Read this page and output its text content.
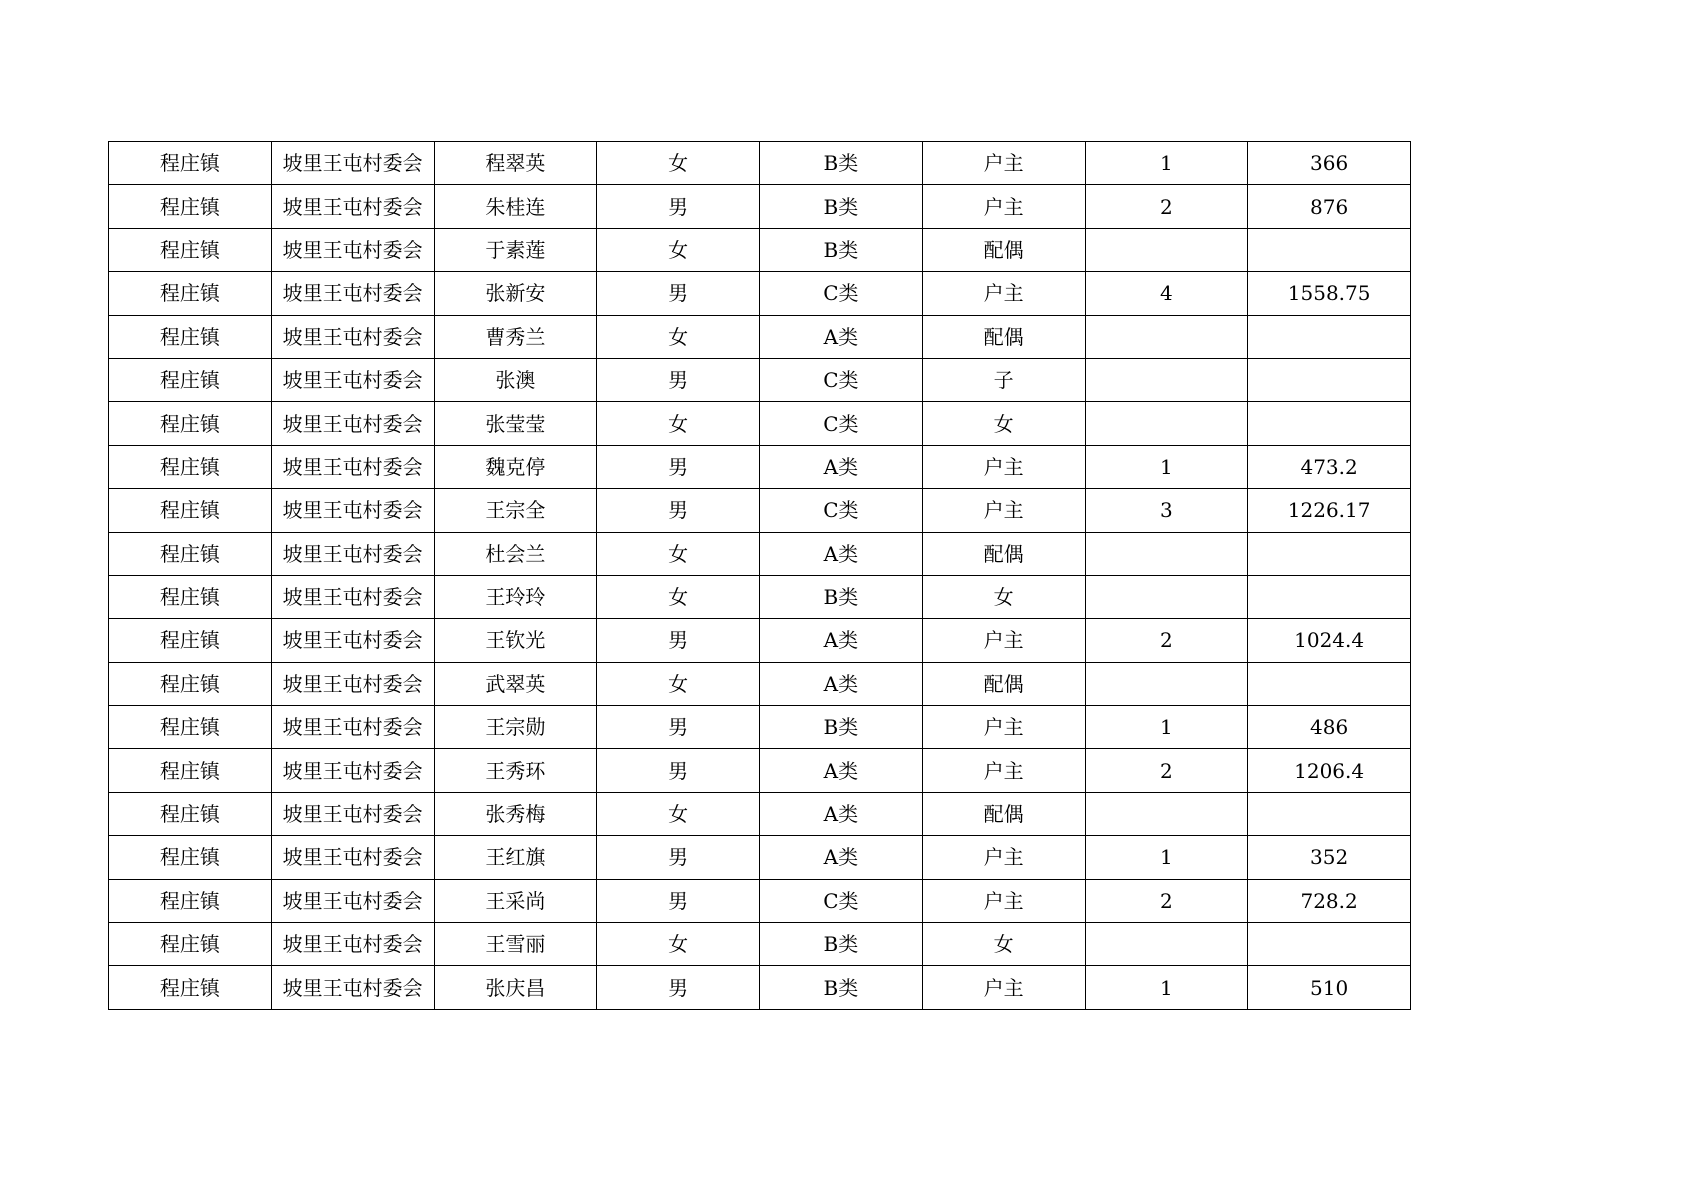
程庄镇	坡里王屯村委会	程翠英	女	B类	户主	1	366
程庄镇	坡里王屯村委会	朱桂连	男	B类	户主	2	876
程庄镇	坡里王屯村委会	于素莲	女	B类	配偶		
程庄镇	坡里王屯村委会	张新安	男	C类	户主	4	1558.75
程庄镇	坡里王屯村委会	曹秀兰	女	A类	配偶		
程庄镇	坡里王屯村委会	张澳	男	C类	子		
程庄镇	坡里王屯村委会	张莹莹	女	C类	女		
程庄镇	坡里王屯村委会	魏克停	男	A类	户主	1	473.2
程庄镇	坡里王屯村委会	王宗全	男	C类	户主	3	1226.17
程庄镇	坡里王屯村委会	杜会兰	女	A类	配偶		
程庄镇	坡里王屯村委会	王玲玲	女	B类	女		
程庄镇	坡里王屯村委会	王钦光	男	A类	户主	2	1024.4
程庄镇	坡里王屯村委会	武翠英	女	A类	配偶		
程庄镇	坡里王屯村委会	王宗勋	男	B类	户主	1	486
程庄镇	坡里王屯村委会	王秀环	男	A类	户主	2	1206.4
程庄镇	坡里王屯村委会	张秀梅	女	A类	配偶		
程庄镇	坡里王屯村委会	王红旗	男	A类	户主	1	352
程庄镇	坡里王屯村委会	王采尚	男	C类	户主	2	728.2
程庄镇	坡里王屯村委会	王雪丽	女	B类	女		
程庄镇	坡里王屯村委会	张庆昌	男	B类	户主	1	510
